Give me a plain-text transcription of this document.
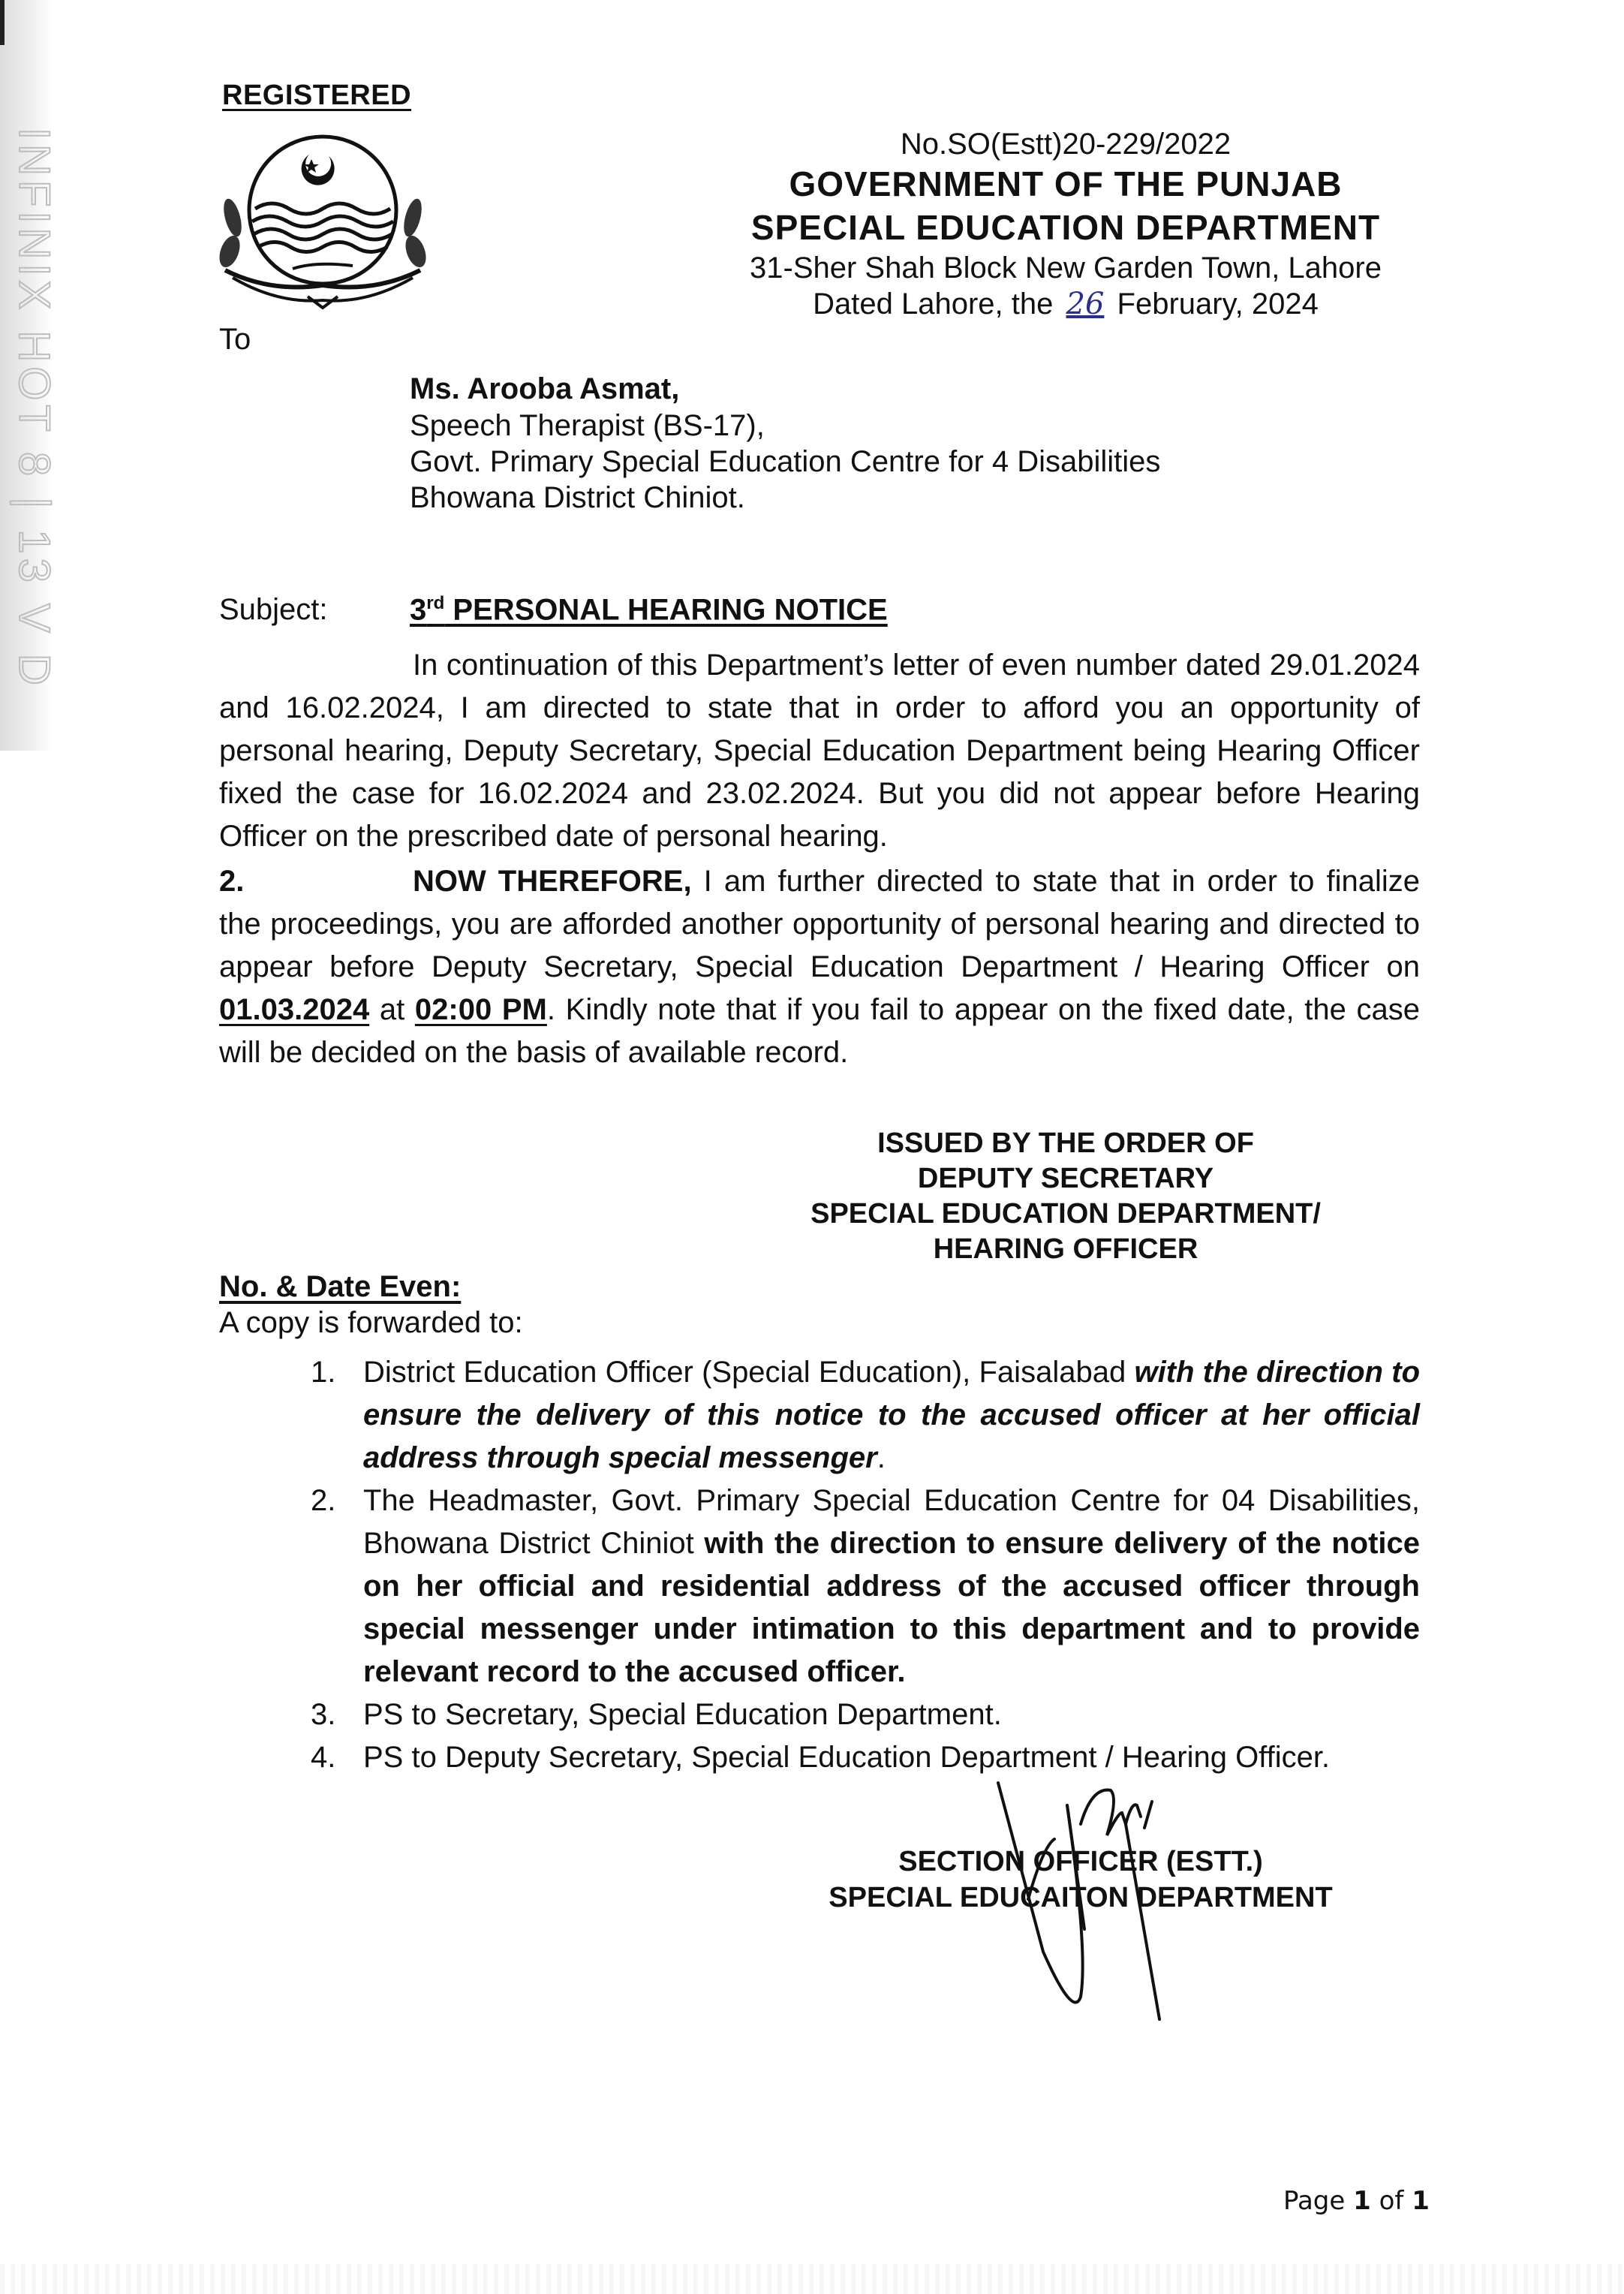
INFINIX HOT 8 | 13 V D
REGISTERED
To
No.SO(Estt)20-229/2022
GOVERNMENT OF THE PUNJAB
SPECIAL EDUCATION DEPARTMENT
31-Sher Shah Block New Garden Town, Lahore
Dated Lahore, the 26 February, 2024
Ms. Arooba Asmat,
Speech Therapist (BS-17),
Govt. Primary Special Education Centre for 4 Disabilities
Bhowana District Chiniot.
Subject:	3rd PERSONAL HEARING NOTICE
In continuation of this Department’s letter of even number dated 29.01.2024 and 16.02.2024, I am directed to state that in order to afford you an opportunity of personal hearing, Deputy Secretary, Special Education Department being Hearing Officer fixed the case for 16.02.2024 and 23.02.2024. But you did not appear before Hearing Officer on the prescribed date of personal hearing.
2.	NOW THEREFORE, I am further directed to state that in order to finalize the proceedings, you are afforded another opportunity of personal hearing and directed to appear before Deputy Secretary, Special Education Department / Hearing Officer on 01.03.2024 at 02:00 PM. Kindly note that if you fail to appear on the fixed date, the case will be decided on the basis of available record.
ISSUED BY THE ORDER OF
DEPUTY SECRETARY
SPECIAL EDUCATION DEPARTMENT/
HEARING OFFICER
No. & Date Even:
A copy is forwarded to:
1. District Education Officer (Special Education), Faisalabad with the direction to ensure the delivery of this notice to the accused officer at her official address through special messenger.
2. The Headmaster, Govt. Primary Special Education Centre for 04 Disabilities, Bhowana District Chiniot with the direction to ensure delivery of the notice on her official and residential address of the accused officer through special messenger under intimation to this department and to provide relevant record to the accused officer.
3. PS to Secretary, Special Education Department.
4. PS to Deputy Secretary, Special Education Department / Hearing Officer.
SECTION OFFICER (ESTT.)
SPECIAL EDUCAITON DEPARTMENT
Page 1 of 1
